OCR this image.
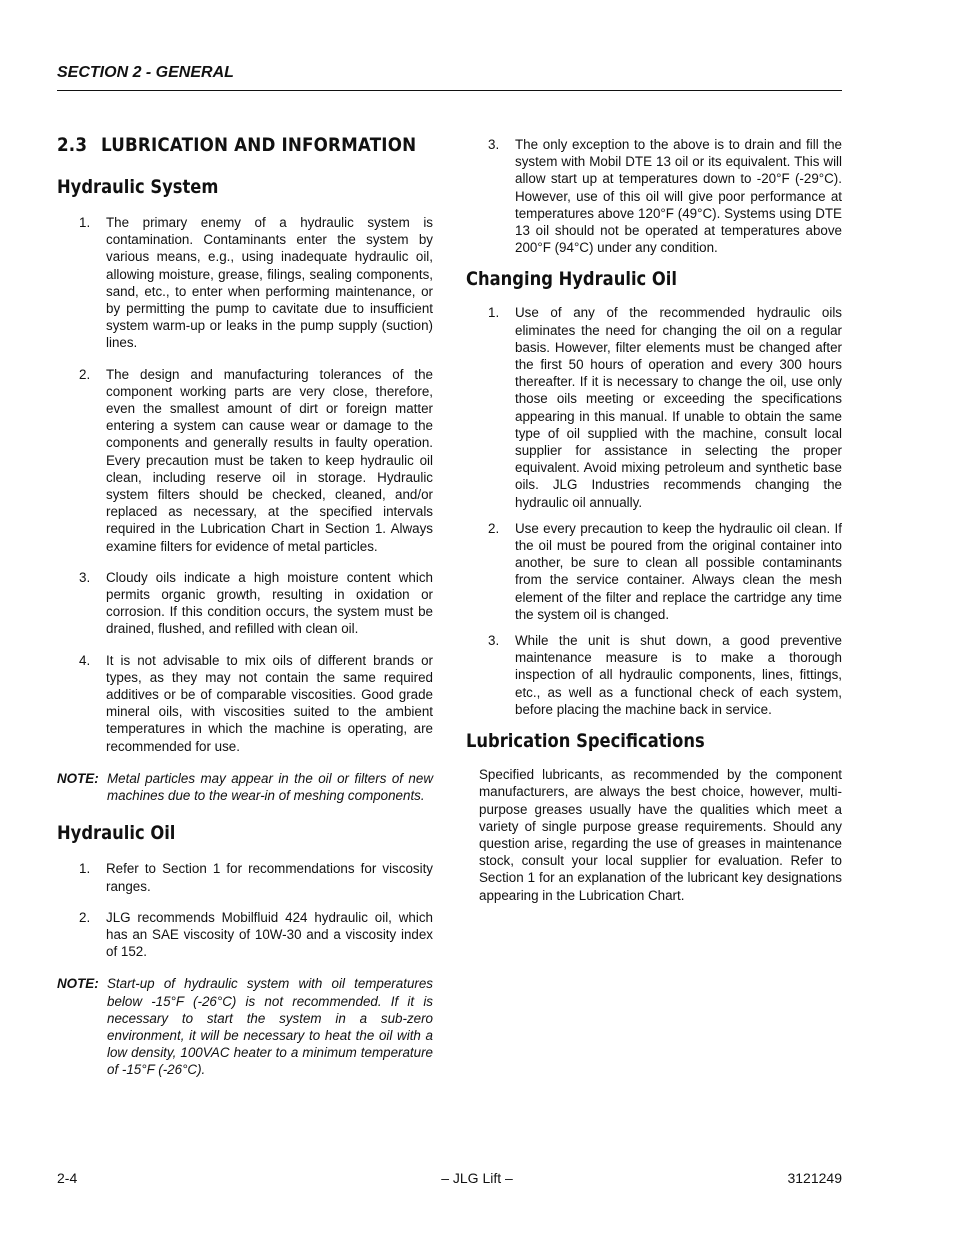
SECTION 2 - GENERAL
2.3 LUBRICATION AND INFORMATION
Hydraulic System

1. The primary enemy of a hydraulic system is contamination. Contaminants enter the system by various means, e.g., using inadequate hydraulic oil, allowing moisture, grease, filings, sealing components, sand, etc., to enter when performing maintenance, or by permitting the pump to cavitate due to insufficient system warm-up or leaks in the pump supply (suction) lines.

2. The design and manufacturing tolerances of the component working parts are very close, therefore, even the smallest amount of dirt or foreign matter entering a system can cause wear or damage to the components and generally results in faulty operation. Every precaution must be taken to keep hydraulic oil clean, including reserve oil in storage. Hydraulic system filters should be checked, cleaned, and/or replaced as necessary, at the specified intervals required in the Lubrication Chart in Section 1. Always examine filters for evidence of metal particles.

3. Cloudy oils indicate a high moisture content which permits organic growth, resulting in oxidation or corrosion. If this condition occurs, the system must be drained, flushed, and refilled with clean oil.

4. It is not advisable to mix oils of different brands or types, as they may not contain the same required additives or be of comparable viscosities. Good grade mineral oils, with viscosities suited to the ambient temperatures in which the machine is operating, are recommended for use.

NOTE: Metal particles may appear in the oil or filters of new machines due to the wear-in of meshing components.

Hydraulic Oil

1. Refer to Section 1 for recommendations for viscosity ranges.

2. JLG recommends Mobilfluid 424 hydraulic oil, which has an SAE viscosity of 10W-30 and a viscosity index of 152.

NOTE: Start-up of hydraulic system with oil temperatures below -15°F (-26°C) is not recommended. If it is necessary to start the system in a sub-zero environment, it will be necessary to heat the oil with a low density, 100VAC heater to a minimum temperature of -15°F (-26°C).

3. The only exception to the above is to drain and fill the system with Mobil DTE 13 oil or its equivalent. This will allow start up at temperatures down to -20°F (-29°C). However, use of this oil will give poor performance at temperatures above 120°F (49°C). Systems using DTE 13 oil should not be operated at temperatures above 200°F (94°C) under any condition.

Changing Hydraulic Oil

1. Use of any of the recommended hydraulic oils eliminates the need for changing the oil on a regular basis. However, filter elements must be changed after the first 50 hours of operation and every 300 hours thereafter. If it is necessary to change the oil, use only those oils meeting or exceeding the specifications appearing in this manual. If unable to obtain the same type of oil supplied with the machine, consult local supplier for assistance in selecting the proper equivalent. Avoid mixing petroleum and synthetic base oils. JLG Industries recommends changing the hydraulic oil annually.

2. Use every precaution to keep the hydraulic oil clean. If the oil must be poured from the original container into another, be sure to clean all possible contaminants from the service container. Always clean the mesh element of the filter and replace the cartridge any time the system oil is changed.

3. While the unit is shut down, a good preventive maintenance measure is to make a thorough inspection of all hydraulic components, lines, fittings, etc., as well as a functional check of each system, before placing the machine back in service.

Lubrication Specifications

Specified lubricants, as recommended by the component manufacturers, are always the best choice, however, multi-purpose greases usually have the qualities which meet a variety of single purpose grease requirements. Should any question arise, regarding the use of greases in maintenance stock, consult your local supplier for evaluation. Refer to Section 1 for an explanation of the lubricant key designations appearing in the Lubrication Chart.

2-4	– JLG Lift –	3121249
